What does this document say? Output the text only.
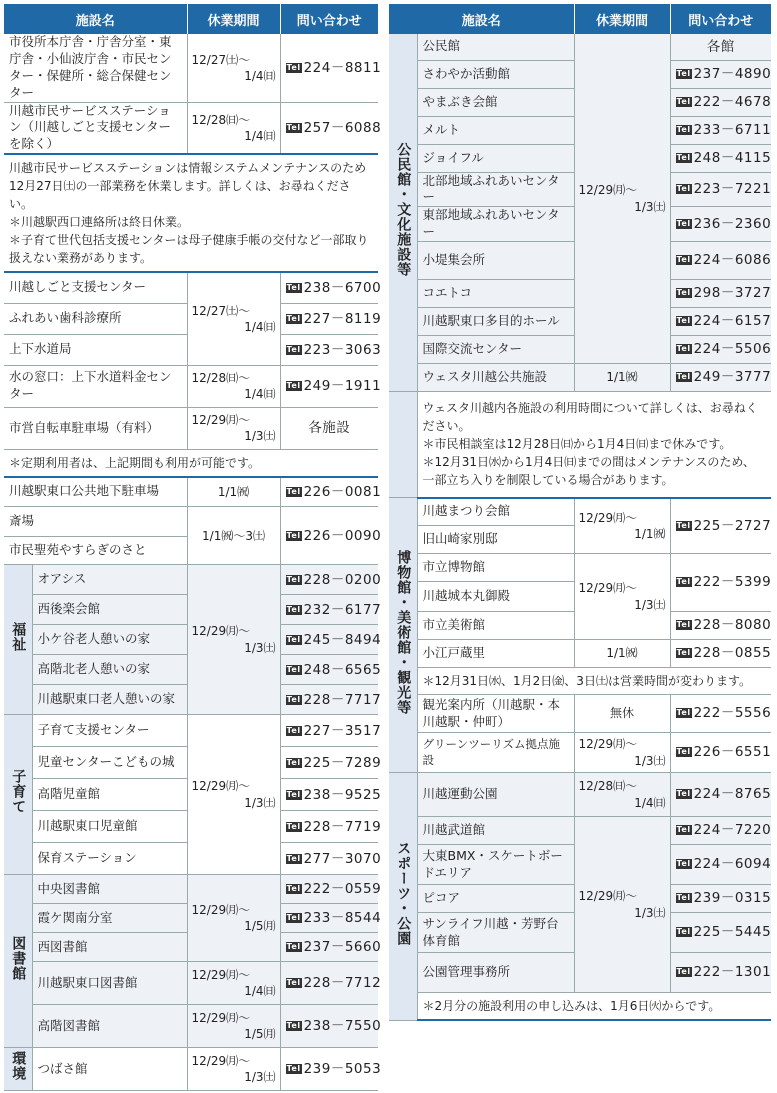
施設名		休業期間	問い合わせ
市役所本庁舎・庁舎分室・東庁舎・小仙波庁舎・市民センター・保健所・総合保健センター		12/27㈯～
1/4㈰	Tel 224－8811
川越市民サービスステーション（川越しごと支援センターを除く）		12/28㈰～
1/4㈰	Tel 257－6088

川越市民サービスステーションは情報システムメンテナンスのため12月27日㈯の一部業務を休業します。詳しくは、お尋ねください。
＊川越駅西口連絡所は終日休業。
＊子育て世代包括支援センターは母子健康手帳の交付など一部取り扱えない業務があります。			

川越しごと支援センター		12/27㈯～
1/4㈰	Tel 238－6700
ふれあい歯科診療所			Tel 227－8119
上下水道局			Tel 223－3063
水の窓口：上下水道料金センター		12/28㈰～
1/4㈰	Tel 249－1911
市営自転車駐車場（有料）		12/29㈪～
1/3㈯	各施設
＊定期利用者は、上記期間も利用が可能です。			
川越駅東口公共地下駐車場		1/1㈷	Tel 226－0081
斎場		1/1㈷～3㈯	Tel 226－0090
市民聖苑やすらぎのさと			
福祉	オアシス	12/29㈪～
1/3㈯	Tel 228－0200
	西後楽会館		Tel 232－6177
	小ケ谷老人憩いの家		Tel 245－8494
	高階北老人憩いの家		Tel 248－6565
	川越駅東口老人憩いの家		Tel 228－7717
子育て	子育て支援センター	12/29㈪～
1/3㈯	Tel 227－3517
	児童センターこどもの城		Tel 225－7289
	高階児童館		Tel 238－9525
	川越駅東口児童館		Tel 228－7719
	保育ステーション		Tel 277－3070
図書館	中央図書館	12/29㈪～
1/5㈪	Tel 222－0559
	霞ケ関南分室		Tel 233－8544
	西図書館		Tel 237－5660
	川越駅東口図書館	12/29㈪～
1/4㈰	Tel 228－7712
	高階図書館	12/29㈪～
1/5㈪	Tel 238－7550
環境	つばさ館	12/29㈪～
1/3㈯	Tel 239－5053
施設名		休業期間	問い合わせ
公民館・文化施設等	公民館	12/29㈪～
1/3㈯	各館
	さわやか活動館		Tel 237－4890
	やまぶき会館		Tel 222－4678
	メルト		Tel 233－6711
	ジョイフル		Tel 248－4115
	北部地域ふれあいセンター		Tel 223－7221
	東部地域ふれあいセンター		Tel 236－2360
	小堤集会所		Tel 224－6086
	コエトコ		Tel 298－3727
	川越駅東口多目的ホール		Tel 224－6157
	国際交流センター		Tel 224－5506
	ウェスタ川越公共施設	1/1㈷	Tel 249－3777

	ウェスタ川越内各施設の利用時間について詳しくは、お尋ねください。
＊市民相談室は12月28日㈰から1月4日㈰まで休みです。
＊12月31日㈬から1月4日㈰までの間はメンテナンスのため、一部立ち入りを制限している場合があります。		

博物館・美術館・観光等	川越まつり会館	12/29㈪～
1/1㈷	Tel 225－2727
	旧山崎家別邸		
	市立博物館	12/29㈪～
1/3㈯	Tel 222－5399
	川越城本丸御殿		
	市立美術館		Tel 228－8080
	小江戸蔵里	1/1㈷	Tel 228－0855
	＊12月31日㈬、1月2日㈮、3日㈯は営業時間が変わります。		
	観光案内所（川越駅・本川越駅・仲町）	無休	Tel 222－5556
	グリーンツーリズム拠点施設	12/29㈪～
1/3㈯	Tel 226－6551
スポーツ・公園	川越運動公園	12/28㈰～
1/4㈰	Tel 224－8765
	川越武道館	12/29㈪～
1/3㈯	Tel 224－7220
	大東BMX・スケートボードエリア		Tel 224－6094
	ピコア		Tel 239－0315
	サンライフ川越・芳野台体育館		Tel 225－5445
	公園管理事務所		Tel 222－1301
	＊2月分の施設利用の申し込みは、1月6日㈫からです。		
